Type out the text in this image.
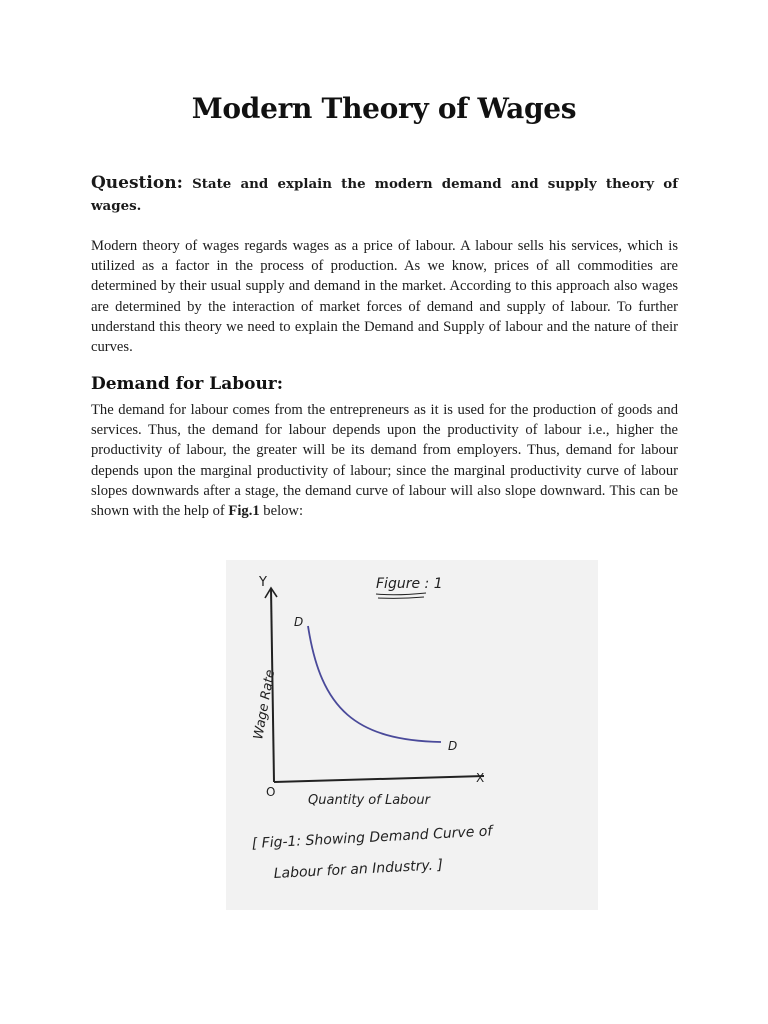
Modern Theory of Wages

Question: State and explain the modern demand and supply theory of wages.

Modern theory of wages regards wages as a price of labour. A labour sells his services, which is utilized as a factor in the process of production. As we know, prices of all commodities are determined by their usual supply and demand in the market. According to this approach also wages are determined by the interaction of market forces of demand and supply of labour. To further understand this theory we need to explain the Demand and Supply of labour and the nature of their curves.

Demand for Labour:

The demand for labour comes from the entrepreneurs as it is used for the production of goods and services. Thus, the demand for labour depends upon the productivity of labour i.e., higher the productivity of labour, the greater will be its demand from employers. Thus, demand for labour depends upon the marginal productivity of labour; since the marginal productivity curve of labour slopes downwards after a stage, the demand curve of labour will also slope downward. This can be shown with the help of Fig.1 below:

Figure : 1
Y
X
O
Wage Rate
D
D
Quantity of Labour
[ Fig-1: Showing Demand Curve of
Labour for an Industry. ]
